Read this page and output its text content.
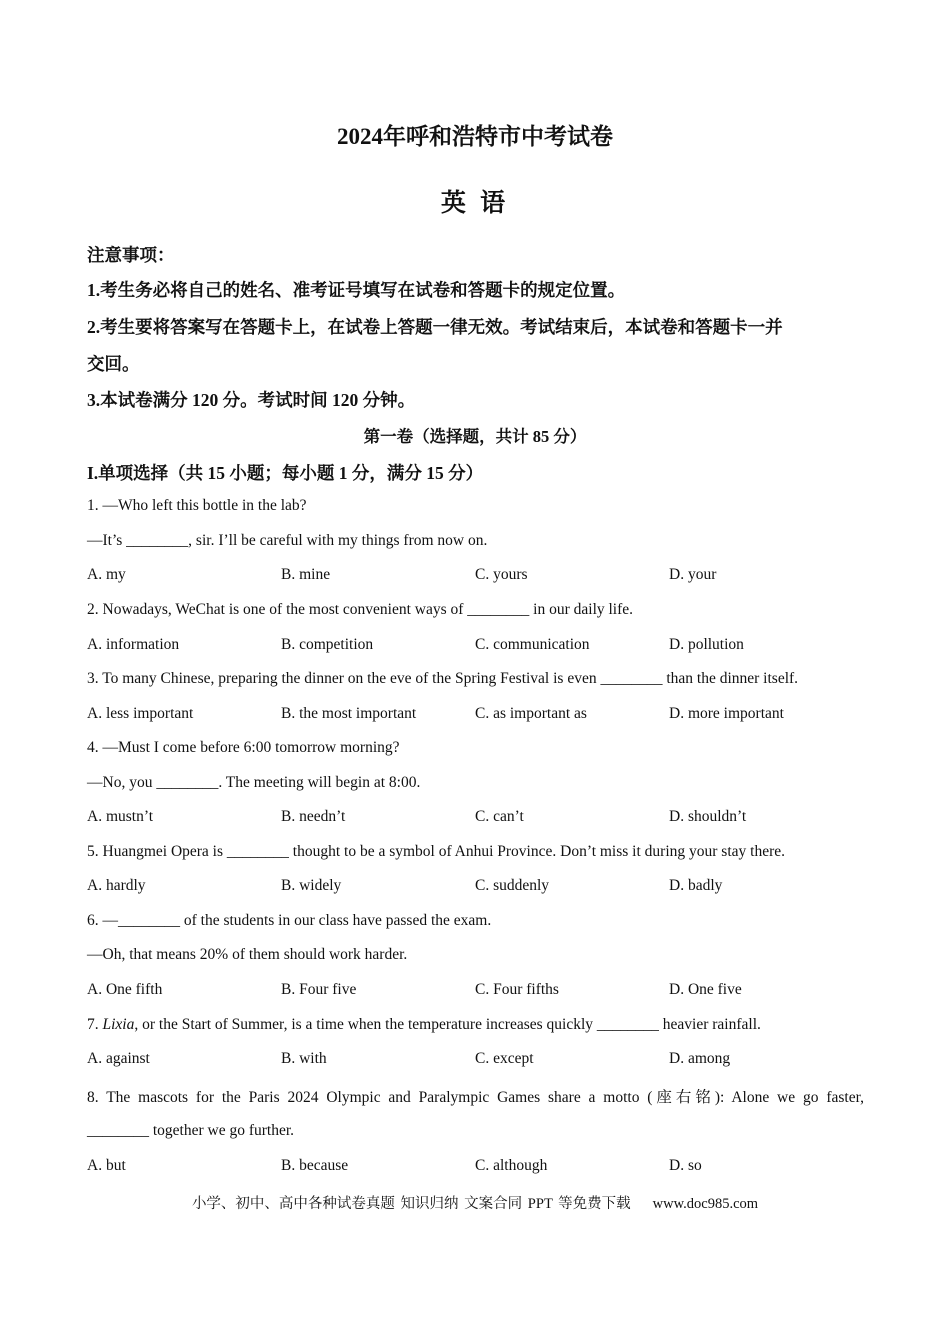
2024年呼和浩特市中考试卷
英 语
注意事项：
1.考生务必将自己的姓名、准考证号填写在试卷和答题卡的规定位置。
2.考生要将答案写在答题卡上，在试卷上答题一律无效。考试结束后，本试卷和答题卡一并
交回。
3.本试卷满分 120 分。考试时间 120 分钟。
第一卷（选择题，共计 85 分）
I.单项选择（共 15 小题；每小题 1 分，满分 15 分）
1. —Who left this bottle in the lab?
—It’s ________, sir. I’ll be careful with my things from now on.
A. my	B. mine	C. yours	D. your
2. Nowadays, WeChat is one of the most convenient ways of ________ in our daily life.
A. information	B. competition	C. communication	D. pollution
3. To many Chinese, preparing the dinner on the eve of the Spring Festival is even ________ than the dinner itself.
A. less important	B. the most important	C. as important as	D. more important
4. —Must I come before 6:00 tomorrow morning?
—No, you ________. The meeting will begin at 8:00.
A. mustn’t	B. needn’t	C. can’t	D. shouldn’t
5. Huangmei Opera is ________ thought to be a symbol of Anhui Province. Don’t miss it during your stay there.
A. hardly	B. widely	C. suddenly	D. badly
6. —________ of the students in our class have passed the exam.
—Oh, that means 20% of them should work harder.
A. One fifth	B. Four five	C. Four fifths	D. One five
7. Lixia, or the Start of Summer, is a time when the temperature increases quickly ________ heavier rainfall.
A. against	B. with	C. except	D. among
8. The mascots for the Paris 2024 Olympic and Paralympic Games share a motto (座右铭): Alone we go faster,
________ together we go further.
A. but	B. because	C. although	D. so
小学、初中、高中各种试卷真题 知识归纳 文案合同 PPT 等免费下载 www.doc985.com
